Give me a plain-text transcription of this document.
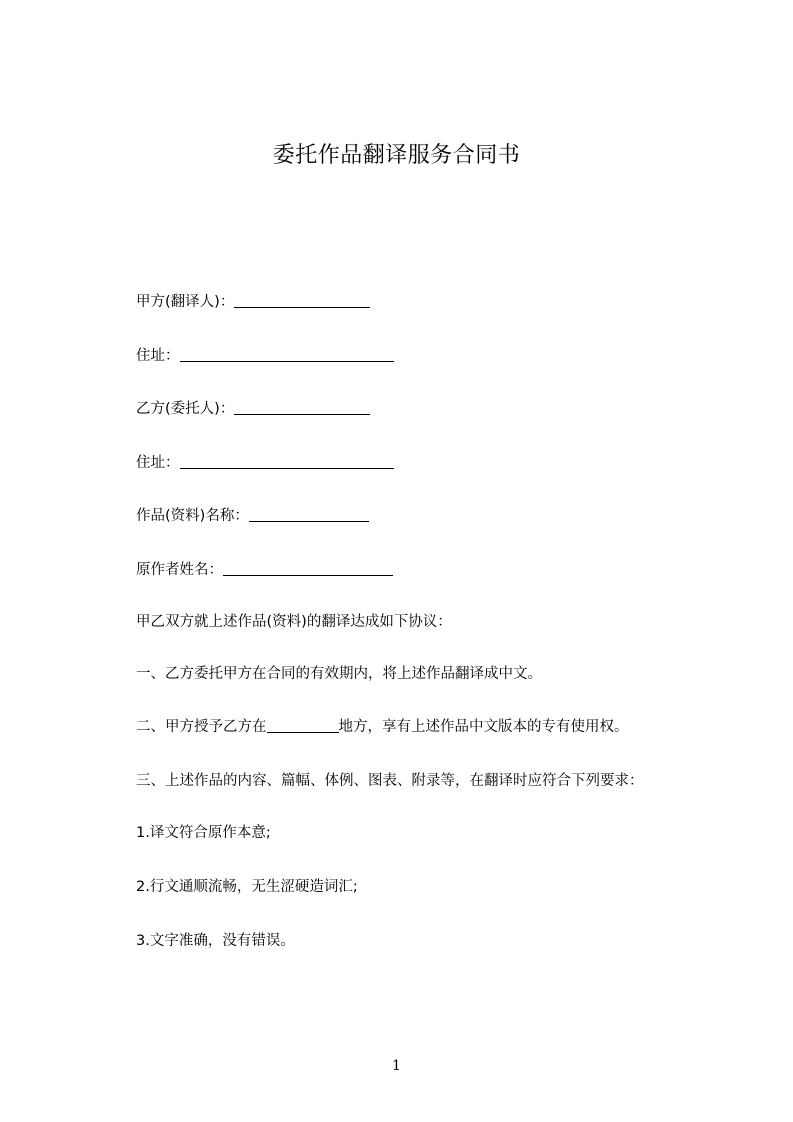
委托作品翻译服务合同书
甲方(翻译人)：
住址：
乙方(委托人)：
住址：
作品(资料)名称：
原作者姓名：
甲乙双方就上述作品(资料)的翻译达成如下协议：
一、乙方委托甲方在合同的有效期内，将上述作品翻译成中文。
二、甲方授予乙方在	地方，享有上述作品中文版本的专有使用权。
三、上述作品的内容、篇幅、体例、图表、附录等，在翻译时应符合下列要求：
1.译文符合原作本意;
2.行文通顺流畅，无生涩硬造词汇;
3.文字准确，没有错误。
1
